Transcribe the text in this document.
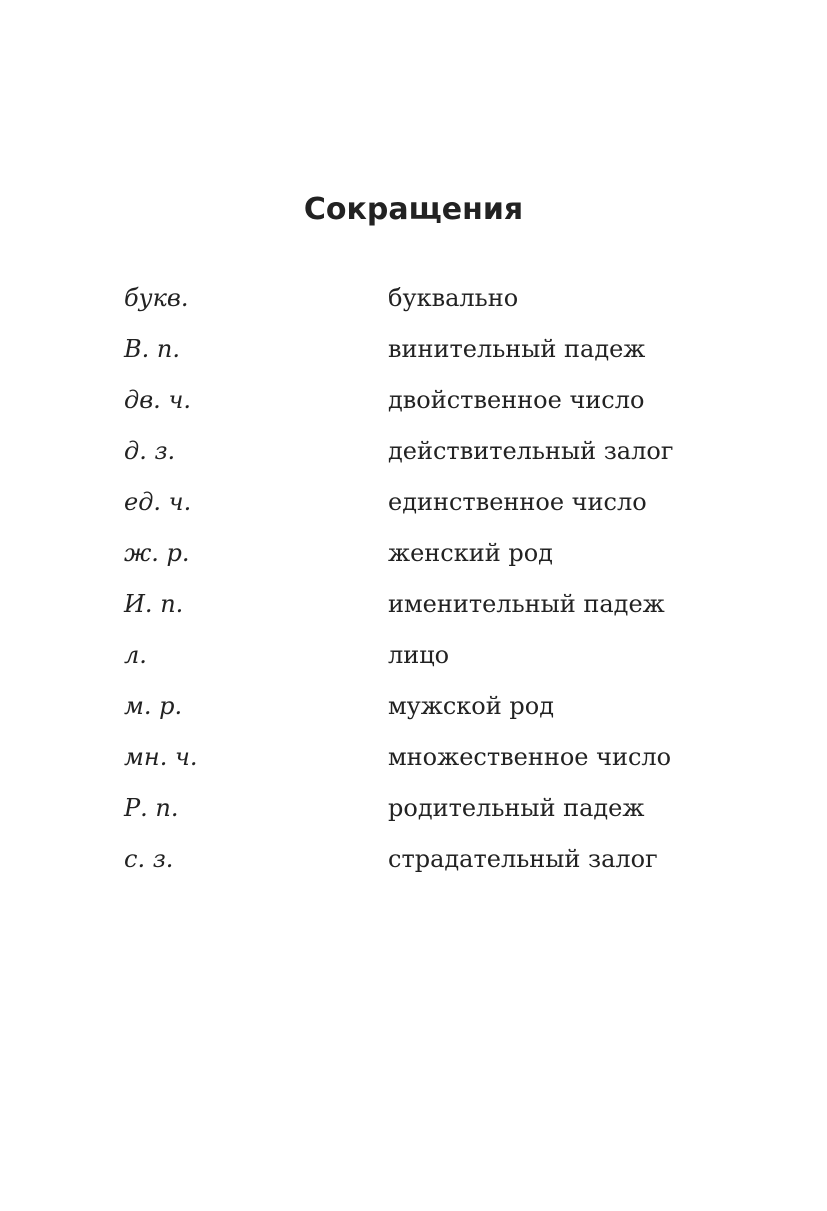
Сокращения
букв.	буквально
В. п.	винительный падеж
дв. ч.	двойственное число
д. з.	действительный залог
ед. ч.	единственное число
ж. р.	женский род
И. п.	именительный падеж
л.	лицо
м. р.	мужской род
мн. ч.	множественное число
Р. п.	родительный падеж
с. з.	страдательный залог
